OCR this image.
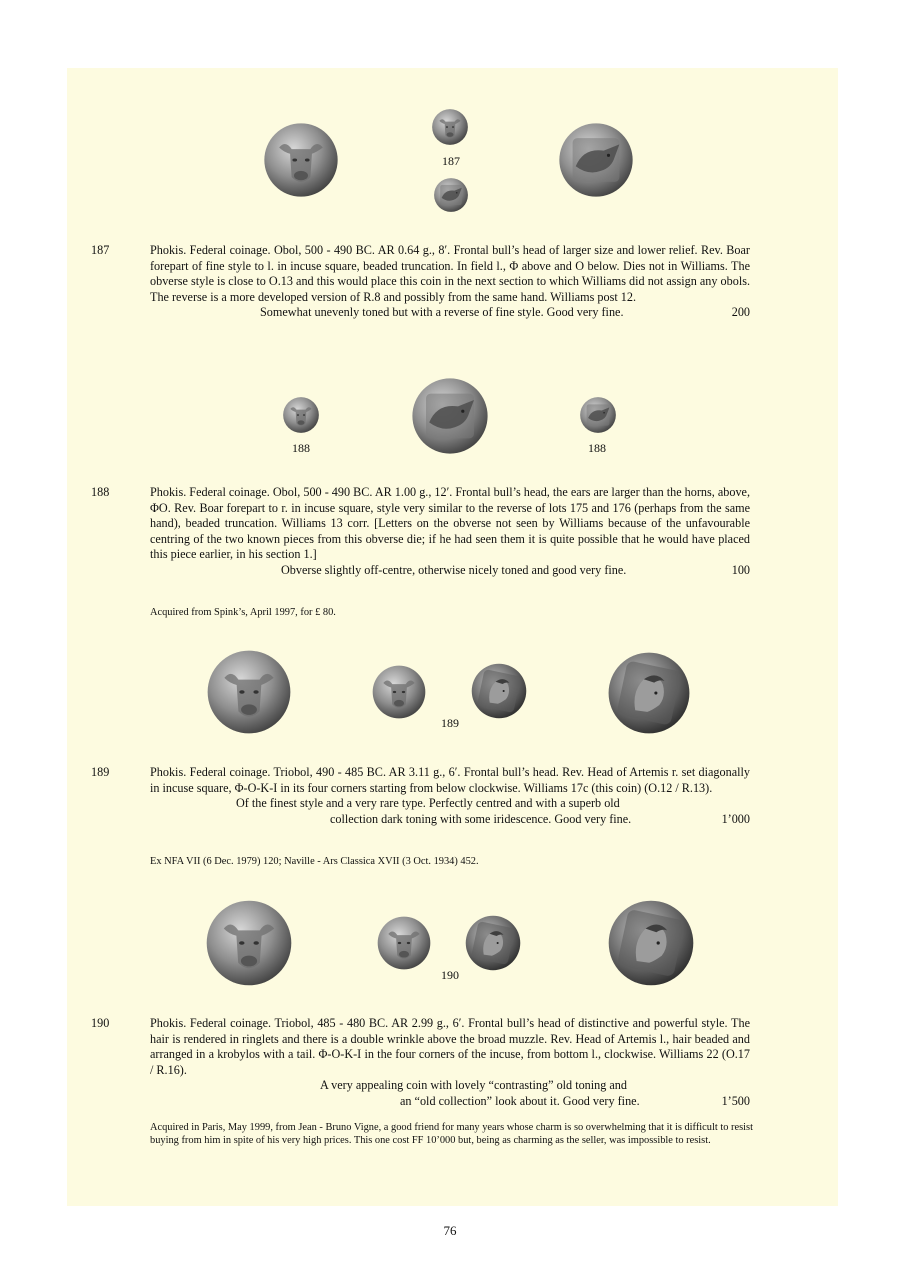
187
187	Phokis. Federal coinage. Obol, 500 - 490 BC. AR 0.64 g., 8′. Frontal bull’s head of larger size and lower relief. Rev. Boar forepart of fine style to l. in incuse square, beaded truncation. In field l., Φ above and O below. Dies not in Williams. The obverse style is close to O.13 and this would place this coin in the next section to which Williams did not assign any obols. The reverse is a more developed version of R.8 and possibly from the same hand. Williams post 12.
Somewhat unevenly toned but with a reverse of fine style. Good very fine.	200
188	188
188	Phokis. Federal coinage. Obol, 500 - 490 BC. AR 1.00 g., 12′. Frontal bull’s head, the ears are larger than the horns, above, ΦO. Rev. Boar forepart to r. in incuse square, style very similar to the reverse of lots 175 and 176 (perhaps from the same hand), beaded truncation. Williams 13 corr. [Letters on the obverse not seen by Williams because of the unfavourable centring of the two known pieces from this obverse die; if he had seen them it is quite possible that he would have placed this piece earlier, in his section 1.]
Obverse slightly off-centre, otherwise nicely toned and good very fine.	100
Acquired from Spink’s, April 1997, for £ 80.
189
189	Phokis. Federal coinage. Triobol, 490 - 485 BC. AR 3.11 g., 6′. Frontal bull’s head. Rev. Head of Artemis r. set diagonally in incuse square, Φ-O-K-I in its four corners starting from below clockwise. Williams 17c (this coin) (O.12 / R.13).
Of the finest style and a very rare type. Perfectly centred and with a superb old
collection dark toning with some iridescence. Good very fine.	1’000
Ex NFA VII (6 Dec. 1979) 120; Naville - Ars Classica XVII (3 Oct. 1934) 452.
190
190	Phokis. Federal coinage. Triobol, 485 - 480 BC. AR 2.99 g., 6′. Frontal bull’s head of distinctive and powerful style. The hair is rendered in ringlets and there is a double wrinkle above the broad muzzle. Rev. Head of Artemis l., hair beaded and arranged in a krobylos with a tail. Φ-O-K-I in the four corners of the incuse, from bottom l., clockwise. Williams 22 (O.17 / R.16).
A very appealing coin with lovely “contrasting” old toning and
an “old collection” look about it. Good very fine.	1’500
Acquired in Paris, May 1999, from Jean - Bruno Vigne, a good friend for many years whose charm is so overwhelming that it is difficult to resist buying from him in spite of his very high prices. This one cost FF 10’000 but, being as charming as the seller, was impossible to resist.
76
